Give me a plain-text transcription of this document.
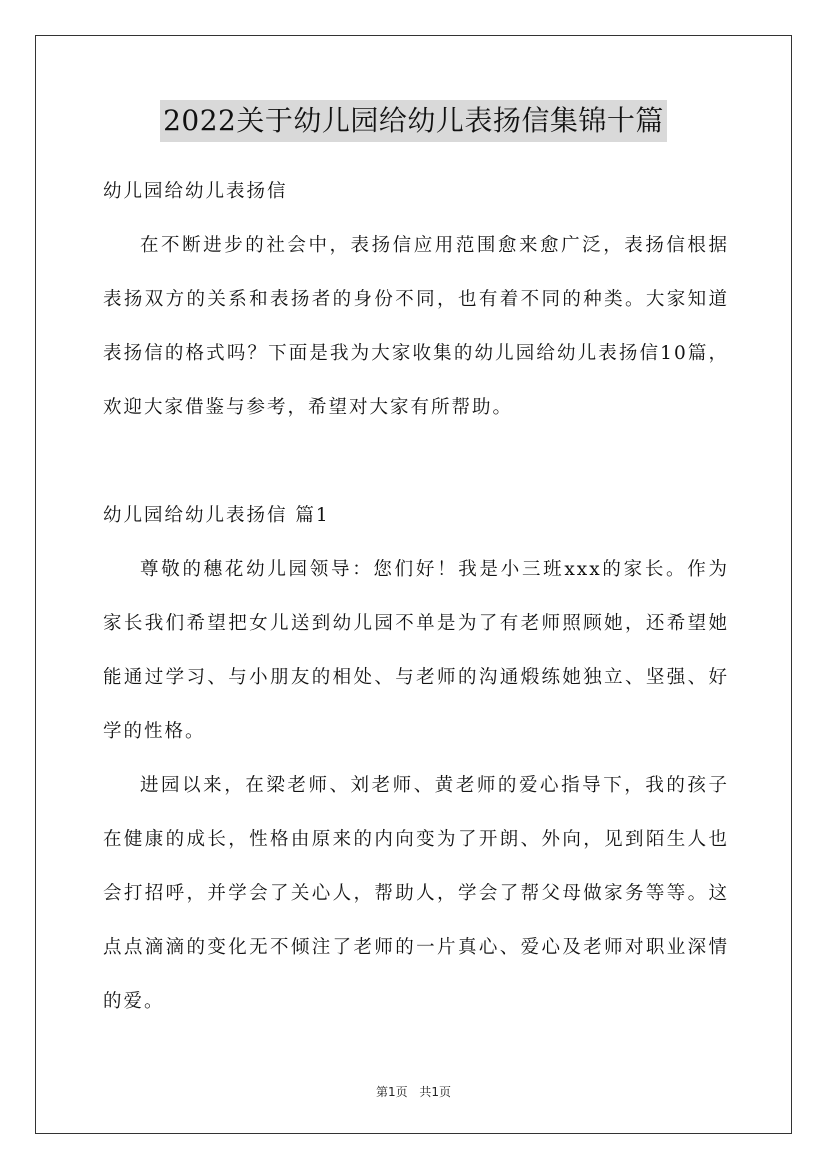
2022关于幼儿园给幼儿表扬信集锦十篇

幼儿园给幼儿表扬信

在不断进步的社会中，表扬信应用范围愈来愈广泛，表扬信根据表扬双方的关系和表扬者的身份不同，也有着不同的种类。大家知道表扬信的格式吗？下面是我为大家收集的幼儿园给幼儿表扬信10篇，欢迎大家借鉴与参考，希望对大家有所帮助。

幼儿园给幼儿表扬信 篇1

尊敬的穗花幼儿园领导：您们好！我是小三班xxx的家长。作为家长我们希望把女儿送到幼儿园不单是为了有老师照顾她，还希望她能通过学习、与小朋友的相处、与老师的沟通煅练她独立、坚强、好学的性格。

进园以来，在梁老师、刘老师、黄老师的爱心指导下，我的孩子在健康的成长，性格由原来的内向变为了开朗、外向，见到陌生人也会打招呼，并学会了关心人，帮助人，学会了帮父母做家务等等。这点点滴滴的变化无不倾注了老师的一片真心、爱心及老师对职业深情的爱。

第1页 共1页
